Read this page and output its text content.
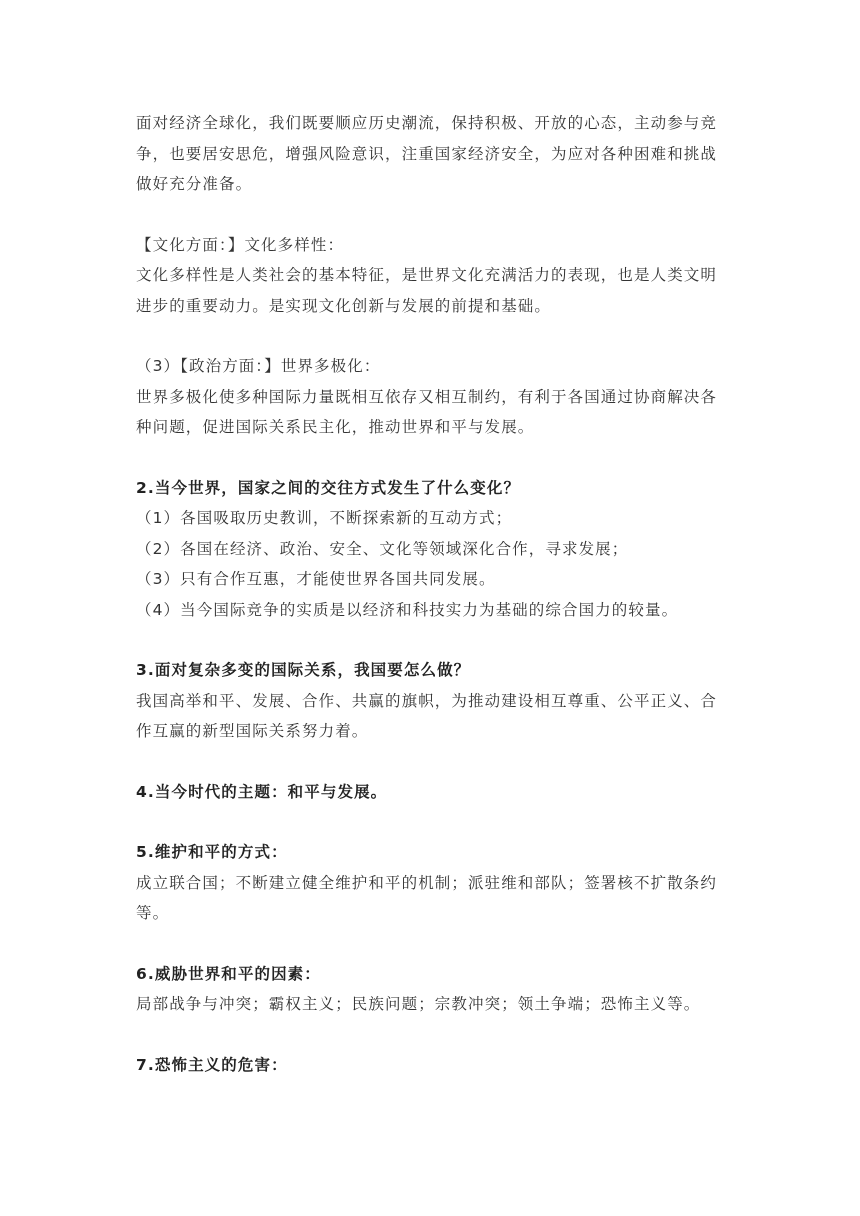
面对经济全球化，我们既要顺应历史潮流，保持积极、开放的心态，主动参与竞争，也要居安思危，增强风险意识，注重国家经济安全，为应对各种困难和挑战做好充分准备。

【文化方面：】文化多样性：

文化多样性是人类社会的基本特征，是世界文化充满活力的表现，也是人类文明进步的重要动力。是实现文化创新与发展的前提和基础。

（3）【政治方面：】世界多极化：

世界多极化使多种国际力量既相互依存又相互制约，有利于各国通过协商解决各种问题，促进国际关系民主化，推动世界和平与发展。

2.当今世界，国家之间的交往方式发生了什么变化？

（1）各国吸取历史教训，不断探索新的互动方式；

（2）各国在经济、政治、安全、文化等领域深化合作，寻求发展；

（3）只有合作互惠，才能使世界各国共同发展。

（4）当今国际竞争的实质是以经济和科技实力为基础的综合国力的较量。

3.面对复杂多变的国际关系，我国要怎么做？

我国高举和平、发展、合作、共赢的旗帜，为推动建设相互尊重、公平正义、合作互赢的新型国际关系努力着。

4.当今时代的主题：和平与发展。

5.维护和平的方式：

成立联合国；不断建立健全维护和平的机制；派驻维和部队；签署核不扩散条约等。

6.威胁世界和平的因素：

局部战争与冲突；霸权主义；民族问题；宗教冲突；领土争端；恐怖主义等。

7.恐怖主义的危害：
